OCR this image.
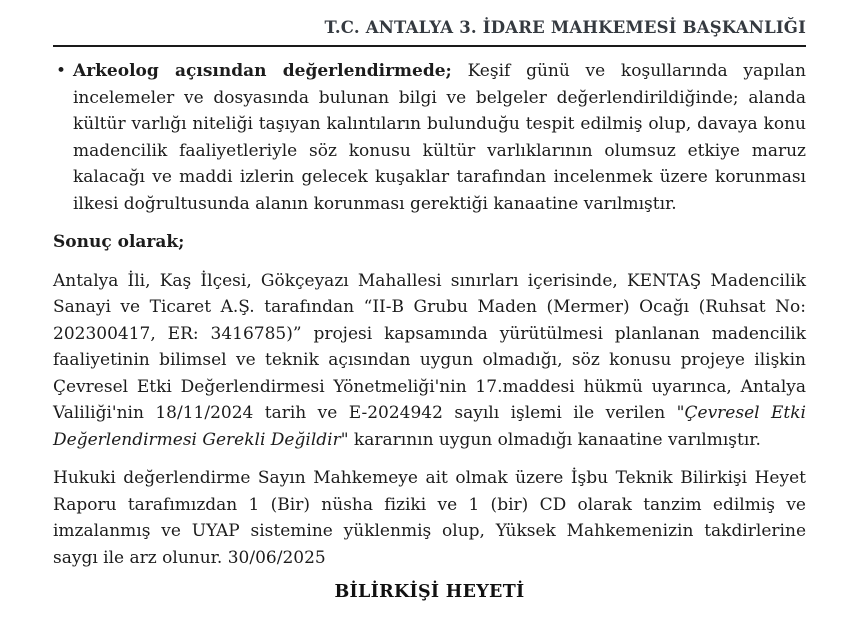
T.C. ANTALYA 3. İDARE MAHKEMESİ BAŞKANLIĞI
• Arkeolog açısından değerlendirmede; Keşif günü ve koşullarında yapılan incelemeler ve dosyasında bulunan bilgi ve belgeler değerlendirildiğinde; alanda kültür varlığı niteliği taşıyan kalıntıların bulunduğu tespit edilmiş olup, davaya konu madencilik faaliyetleriyle söz konusu kültür varlıklarının olumsuz etkiye maruz kalacağı ve maddi izlerin gelecek kuşaklar tarafından incelenmek üzere korunması ilkesi doğrultusunda alanın korunması gerektiği kanaatine varılmıştır.
Sonuç olarak;
Antalya İli, Kaş İlçesi, Gökçeyazı Mahallesi sınırları içerisinde, KENTAŞ Madencilik Sanayi ve Ticaret A.Ş. tarafından “II-B Grubu Maden (Mermer) Ocağı (Ruhsat No: 202300417, ER: 3416785)” projesi kapsamında yürütülmesi planlanan madencilik faaliyetinin bilimsel ve teknik açısından uygun olmadığı, söz konusu projeye ilişkin Çevresel Etki Değerlendirmesi Yönetmeliği'nin 17.maddesi hükmü uyarınca, Antalya Valiliği'nin 18/11/2024 tarih ve E-2024942 sayılı işlemi ile verilen "Çevresel Etki Değerlendirmesi Gerekli Değildir" kararının uygun olmadığı kanaatine varılmıştır.
Hukuki değerlendirme Sayın Mahkemeye ait olmak üzere İşbu Teknik Bilirkişi Heyet Raporu tarafımızdan 1 (Bir) nüsha fiziki ve 1 (bir) CD olarak tanzim edilmiş ve imzalanmış ve UYAP sistemine yüklenmiş olup, Yüksek Mahkemenizin takdirlerine saygı ile arz olunur. 30/06/2025
BİLİRKİŞİ HEYETİ
